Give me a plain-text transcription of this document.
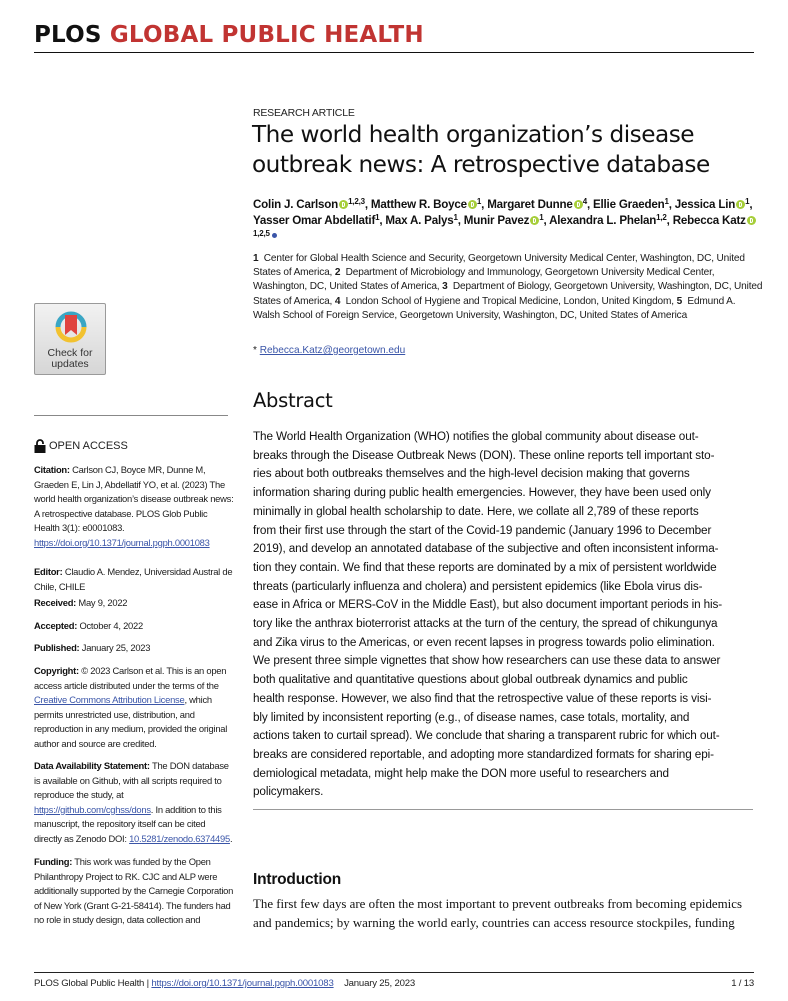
PLOS GLOBAL PUBLIC HEALTH
Check for
updates
OPEN ACCESS
Citation: Carlson CJ, Boyce MR, Dunne M, Graeden E, Lin J, Abdellatif YO, et al. (2023) The world health organization’s disease outbreak news: A retrospective database. PLOS Glob Public Health 3(1): e0001083. https://doi.org/10.1371/journal.pgph.0001083
Editor: Claudio A. Mendez, Universidad Austral de Chile, CHILE
Received: May 9, 2022
Accepted: October 4, 2022
Published: January 25, 2023
Copyright: © 2023 Carlson et al. This is an open access article distributed under the terms of the Creative Commons Attribution License, which permits unrestricted use, distribution, and reproduction in any medium, provided the original author and source are credited.
Data Availability Statement: The DON database is available on Github, with all scripts required to reproduce the study, at https://github.com/cghss/dons. In addition to this manuscript, the repository itself can be cited directly as Zenodo DOI: 10.5281/zenodo.6374495.
Funding: This work was funded by the Open Philanthropy Project to RK. CJC and ALP were additionally supported by the Carnegie Corporation of New York (Grant G-21-58414). The funders had no role in study design, data collection and
RESEARCH ARTICLE
The world health organization’s disease outbreak news: A retrospective database
Colin J. Carlson $^{1,2,3}$, Matthew R. Boyce $^1$, Margaret Dunne $^4$, Ellie Graeden$^1$, Jessica Lin $^1$, Yasser Omar Abdellatif$^1$, Max A. Palys$^1$, Munir Pavez $^1$, Alexandra L. Phelan$^{1,2}$, Rebecca Katz$^{1,2,5}$
1 Center for Global Health Science and Security, Georgetown University Medical Center, Washington, DC, United States of America, 2 Department of Microbiology and Immunology, Georgetown University Medical Center, Washington, DC, United States of America, 3 Department of Biology, Georgetown University, Washington, DC, United States of America, 4 London School of Hygiene and Tropical Medicine, London, United Kingdom, 5 Edmund A. Walsh School of Foreign Service, Georgetown University, Washington, DC, United States of America
* Rebecca.Katz@georgetown.edu
Abstract
The World Health Organization (WHO) notifies the global community about disease out-
breaks through the Disease Outbreak News (DON). These online reports tell important sto-
ries about both outbreaks themselves and the high-level decision making that governs
information sharing during public health emergencies. However, they have been used only
minimally in global health scholarship to date. Here, we collate all 2,789 of these reports
from their first use through the start of the Covid-19 pandemic (January 1996 to December
2019), and develop an annotated database of the subjective and often inconsistent informa-
tion they contain. We find that these reports are dominated by a mix of persistent worldwide
threats (particularly influenza and cholera) and persistent epidemics (like Ebola virus dis-
ease in Africa or MERS-CoV in the Middle East), but also document important periods in his-
tory like the anthrax bioterrorist attacks at the turn of the century, the spread of chikungunya
and Zika virus to the Americas, or even recent lapses in progress towards polio elimination.
We present three simple vignettes that show how researchers can use these data to answer
both qualitative and quantitative questions about global outbreak dynamics and public
health response. However, we also find that the retrospective value of these reports is visi-
bly limited by inconsistent reporting (e.g., of disease names, case totals, mortality, and
actions taken to curtail spread). We conclude that sharing a transparent rubric for which out-
breaks are considered reportable, and adopting more standardized formats for sharing epi-
demiological metadata, might help make the DON more useful to researchers and
policymakers.
Introduction
The first few days are often the most important to prevent outbreaks from becoming epidemics
and pandemics; by warning the world early, countries can access resource stockpiles, funding
PLOS Global Public Health | https://doi.org/10.1371/journal.pgph.0001083 January 25, 2023	1 / 13
